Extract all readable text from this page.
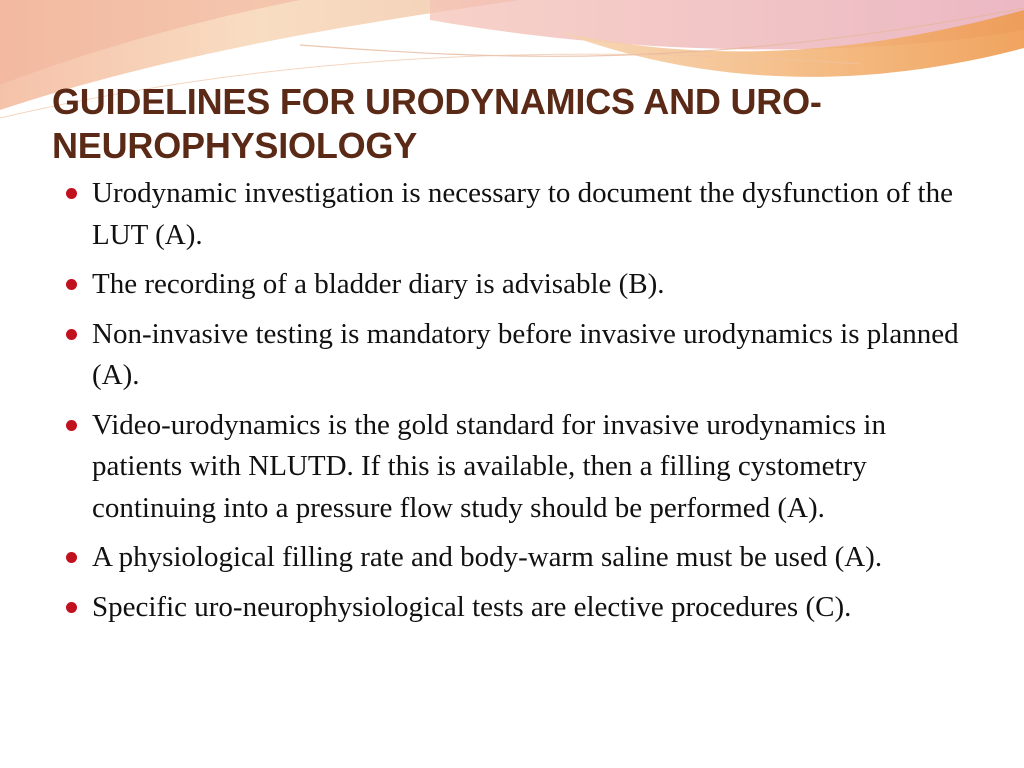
GUIDELINES FOR URODYNAMICS AND URO-NEUROPHYSIOLOGY
Urodynamic investigation is necessary to document the dysfunction of the LUT (A).
The recording of a bladder diary is advisable (B).
Non-invasive testing is mandatory before invasive urodynamics is planned (A).
Video-urodynamics is the gold standard for invasive urodynamics in patients with NLUTD. If this is available, then a filling cystometry continuing into a pressure flow study should be performed (A).
A physiological filling rate and body-warm saline must be used (A).
Specific uro-neurophysiological tests are elective procedures (C).
